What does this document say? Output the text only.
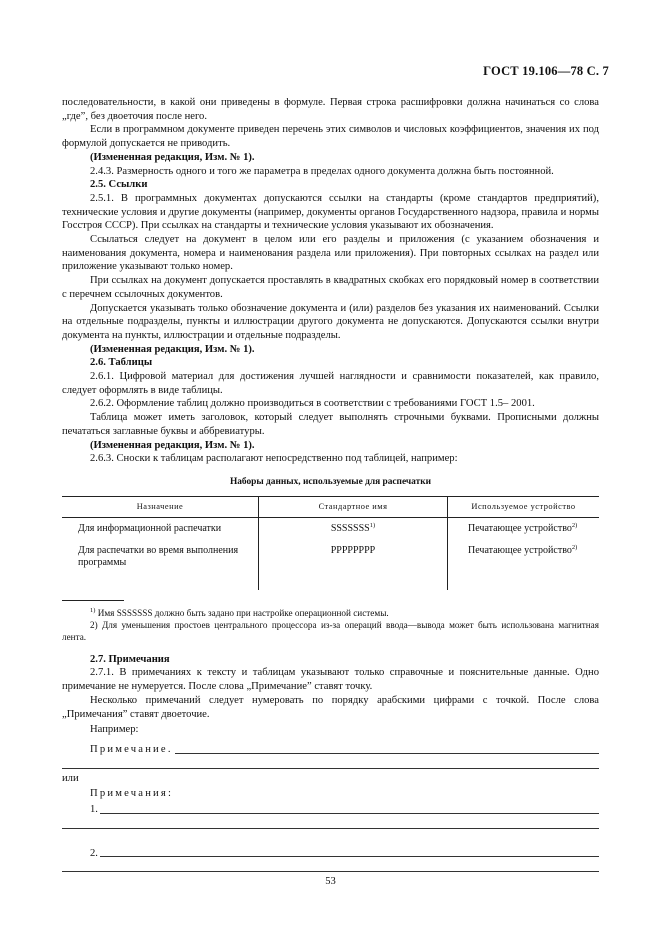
ГОСТ 19.106—78 С. 7

последовательности, в какой они приведены в формуле. Первая строка расшифровки должна начинаться со слова „где”, без двоеточия после него.

Если в программном документе приведен перечень этих символов и числовых коэффициентов, значения их под формулой допускается не приводить.

(Измененная редакция, Изм. № 1).

2.4.3. Размерность одного и того же параметра в пределах одного документа должна быть постоянной.

2.5. Ссылки

2.5.1. В программных документах допускаются ссылки на стандарты (кроме стандартов предприятий), технические условия и другие документы (например, документы органов Государственного надзора, правила и нормы Госстроя СССР). При ссылках на стандарты и технические условия указывают их обозначения.

Ссылаться следует на документ в целом или его разделы и приложения (с указанием обозначения и наименования документа, номера и наименования раздела или приложения). При повторных ссылках на раздел или приложение указывают только номер.

При ссылках на документ допускается проставлять в квадратных скобках его порядковый номер в соответствии с перечнем ссылочных документов.

Допускается указывать только обозначение документа и (или) разделов без указания их наименований. Ссылки на отдельные подразделы, пункты и иллюстрации другого документа не допускаются. Допускаются ссылки внутри документа на пункты, иллюстрации и отдельные подразделы.

(Измененная редакция, Изм. № 1).

2.6. Таблицы

2.6.1. Цифровой материал для достижения лучшей наглядности и сравнимости показателей, как правило, следует оформлять в виде таблицы.

2.6.2. Оформление таблиц должно производиться в соответствии с требованиями ГОСТ 1.5– 2001.

Таблица может иметь заголовок, который следует выполнять строчными буквами. Прописными должны печататься заглавные буквы и аббревиатуры.

(Измененная редакция, Изм. № 1).

2.6.3. Сноски к таблицам располагают непосредственно под таблицей, например:

Наборы данных, используемые для распечатки
Назначение	Стандартное имя	Используемое устройство
Для информационной распечатки	SSSSSSS$^{1)}$	Печатающее устройство$^{2)}$
Для распечатки во время выполнения программы	PPPPPPPP	Печатающее устройство$^{2)}$

$^{1)}$ Имя SSSSSSS должно быть задано при настройке операционной системы.

2) Для уменьшения простоев центрального процессора из-за операций ввода—вывода может быть использована магнитная лента.

2.7. Примечания

2.7.1. В примечаниях к тексту и таблицам указывают только справочные и пояснительные данные. Одно примечание не нумеруется. После слова „Примечание” ставят точку.

Несколько примечаний следует нумеровать по порядку арабскими цифрами с точкой. После слова „Примечания” ставят двоеточие.

Например:

Примечание.
или
Примечания:
1.
2.
53
